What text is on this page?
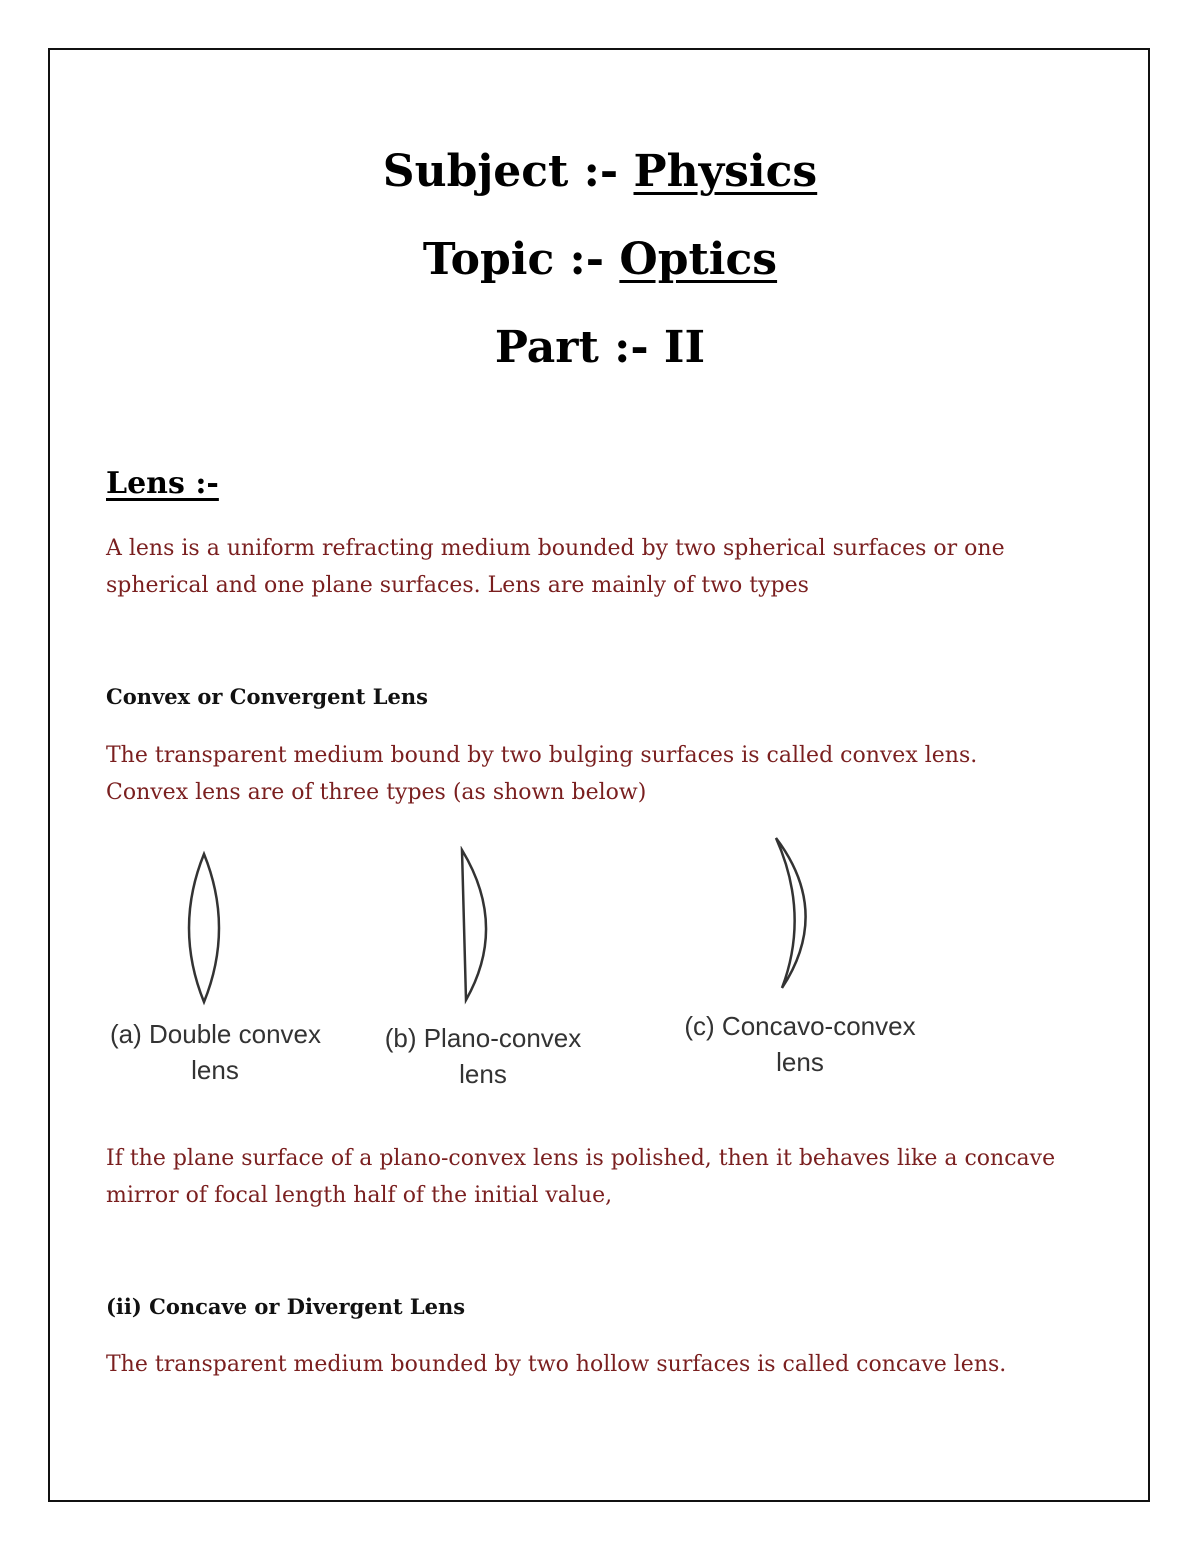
Subject :- Physics
Topic :- Optics
Part :- II
Lens :-
A lens is a uniform refracting medium bounded by two spherical surfaces or one
spherical and one plane surfaces. Lens are mainly of two types
Convex or Convergent Lens
The transparent medium bound by two bulging surfaces is called convex lens.
Convex lens are of three types (as shown below)
(a) Double convex
lens
(b) Plano-convex
lens
(c) Concavo-convex
lens
If the plane surface of a plano-convex lens is polished, then it behaves like a concave
mirror of focal length half of the initial value,
(ii) Concave or Divergent Lens
The transparent medium bounded by two hollow surfaces is called concave lens.
